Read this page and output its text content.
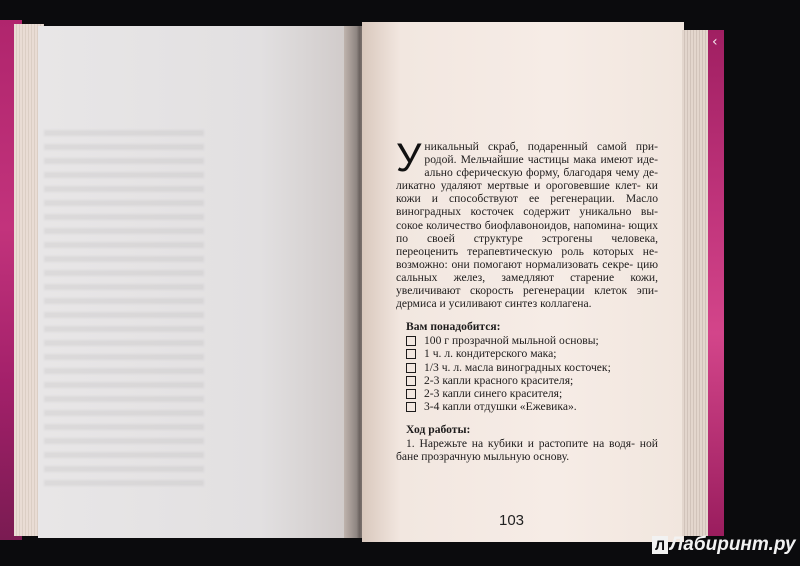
‹
У никальный скраб, подаренный самой при- родой. Мельчайшие частицы мака имеют иде- ально сферическую форму, благодаря чему де- ликатно удаляют мертвые и ороговевшие клет- ки кожи и способствуют ее регенерации. Масло виноградных косточек содержит уникально вы- сокое количество биофлавоноидов, напомина- ющих по своей структуре эстрогены человека, переоценить терапевтическую роль которых не- возможно: они помогают нормализовать секре- цию сальных желез, замедляют старение кожи, увеличивают скорость регенерации клеток эпи- дермиса и усиливают синтез коллагена.

Вам понадобится:
100 г прозрачной мыльной основы;
1 ч. л. кондитерского мака;
1/3 ч. л. масла виноградных косточек;
2-3 капли красного красителя;
2-3 капли синего красителя;
3-4 капли отдушки «Ежевика».
Ход работы:

1. Нарежьте на кубики и растопите на водя- ной бане прозрачную мыльную основу.

103
Л Лабиринт.ру
